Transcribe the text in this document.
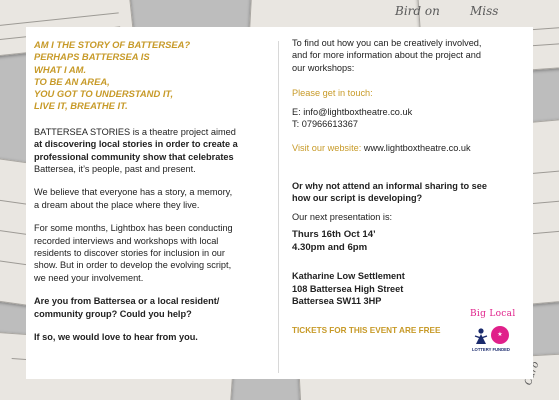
Bird on	Miss

AM I THE STORY OF BATTERSEA?

PERHAPS BATTERSEA IS

WHAT I AM.

TO BE AN AREA,

YOU GOT TO UNDERSTAND IT,

LIVE IT, BREATHE IT.

BATTERSEA STORIES is a theatre project aimed

at discovering local stories in order to create a

professional community show that celebrates

Battersea, it’s people, past and present.

We believe that everyone has a story, a memory,

a dream about the place where they live.

For some months, Lightbox has been conducting

recorded interviews and workshops with local

residents to discover stories for inclusion in our

show. But in order to develop the evolving script,

we need your involvement.

Are you from Battersea or a local resident/

community group? Could you help?

If so, we would love to hear from you.

To find out how you can be creatively involved,

and for more information about the project and

our workshops:

Please get in touch:

E: info@lightboxtheatre.co.uk

T: 07966613367

Visit our website: www.lightboxtheatre.co.uk

Or why not attend an informal sharing to see

how our script is developing?

Our next presentation is:

Thurs 16th Oct 14’

4.30pm and 6pm

Katharine Low Settlement

108 Battersea High Street

Battersea SW11 3HP

TICKETS FOR THIS EVENT ARE FREE

Big Local
★
LOTTERY FUNDED
